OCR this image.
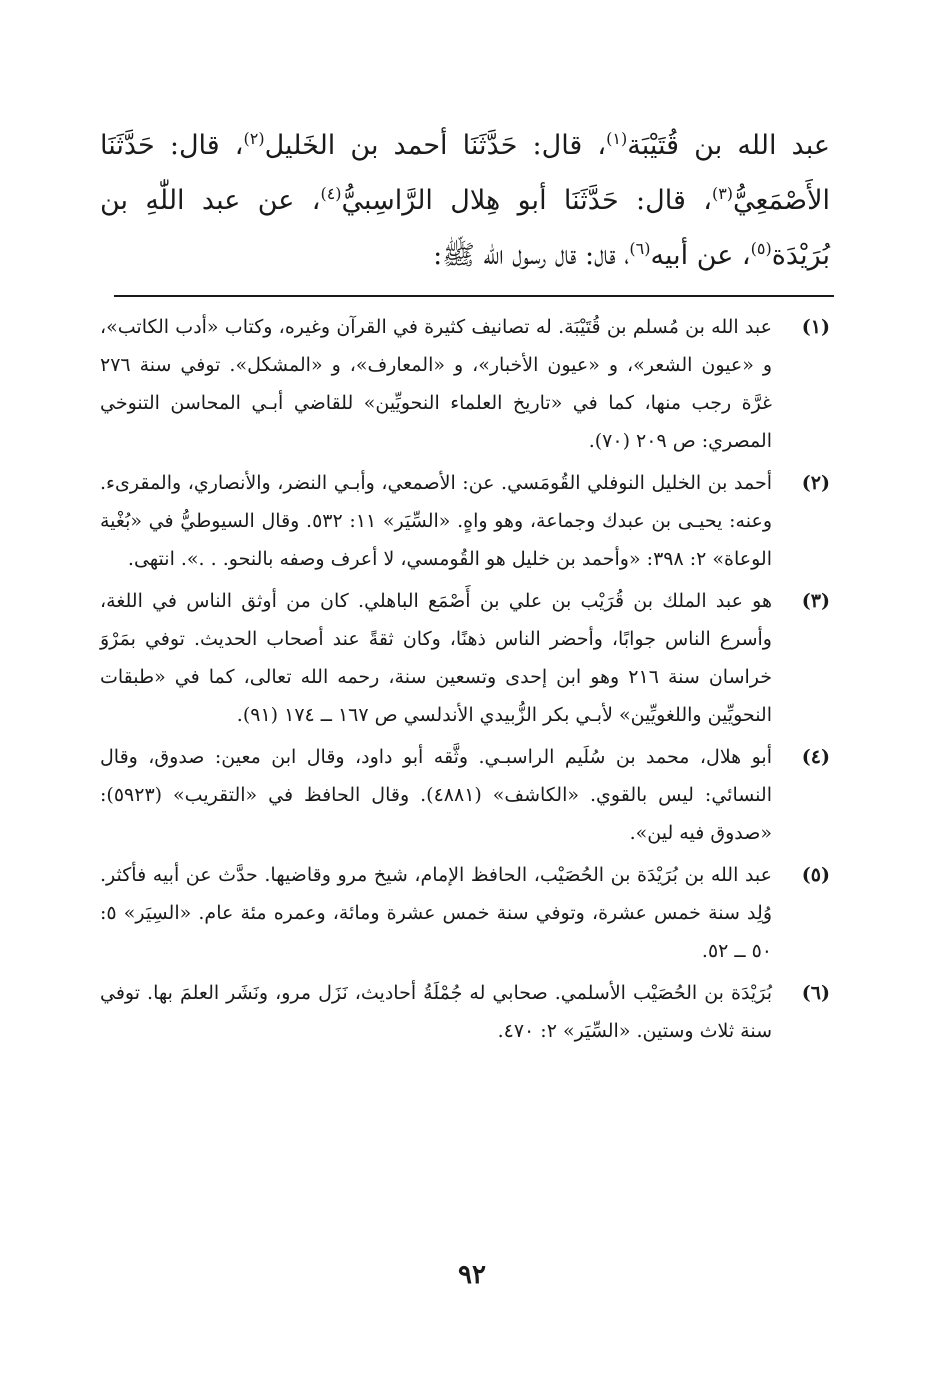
عبد الله بن قُتَيْبَة$^{(١)}$، قال: حَدَّثَنَا أحمد بن الخَليل$^{(٢)}$، قال: حَدَّثَنَا الأَصْمَعِيُّ$^{(٣)}$، قال: حَدَّثَنَا أبو هِلال الرَّاسِبيُّ$^{(٤)}$، عن عبد اللّٰهِ بن بُرَيْدَة$^{(٥)}$، عن أبيه$^{(٦)}$، قال: قال رسول الله ﷺ:
(١)
عبد الله بن مُسلم بن قُتَيْبَة. له تصانيف كثيرة في القرآن وغيره، وكتاب «أدب الكاتب»، و «عيون الشعر»، و «عيون الأخبار»، و «المعارف»، و «المشكل». توفي سنة ٢٧٦ غرَّة رجب منها، كما في «تاريخ العلماء النحويِّين» للقاضي أبـي المحاسن التنوخي المصري: ص ٢٠٩ (٧٠).
(٢)
أحمد بن الخليل النوفلي القُومَسي. عن: الأصمعي، وأبـي النضر، والأنصاري، والمقرىء. وعنه: يحيـى بن عبدك وجماعة، وهو واهٍ. «السِّيَر» ١١: ٥٣٢. وقال السيوطيُّ في «بُغْية الوعاة» ٢: ٣٩٨: «وأحمد بن خليل هو القُومسي، لا أعرف وصفه بالنحو. . .». انتهى.
(٣)
هو عبد الملك بن قُرَيْب بن علي بن أَصْمَع الباهلي. كان من أوثق الناس في اللغة، وأسرع الناس جوابًا، وأحضر الناس ذهنًا، وكان ثقةً عند أصحاب الحديث. توفي بمَرْوَ خراسان سنة ٢١٦ وهو ابن إحدى وتسعين سنة، رحمه الله تعالى، كما في «طبقات النحويِّين واللغويِّين» لأبـي بكر الزُّبيدي الأندلسي ص ١٦٧ ــ ١٧٤ (٩١).
(٤)
أبو هلال، محمد بن سُلَيم الراسبـي. وثَّقه أبو داود، وقال ابن معين: صدوق، وقال النسائي: ليس بالقوي. «الكاشف» (٤٨٨١). وقال الحافظ في «التقريب» (٥٩٢٣): «صدوق فيه لين».
(٥)
عبد الله بن بُرَيْدَة بن الحُصَيْب، الحافظ الإمام، شيخ مرو وقاضيها. حدَّث عن أبيه فأكثر. وُلِد سنة خمس عشرة، وتوفي سنة خمس عشرة ومائة، وعمره مئة عام. «السِيَر» ٥: ٥٠ ــ ٥٢.
(٦)
بُرَيْدَة بن الحُصَيْب الأسلمي. صحابي له جُمْلَةُ أحاديث، نَزَل مرو، ونَشَر العلمَ بها. توفي سنة ثلاث وستين. «السِّيَر» ٢: ٤٧٠.
٩٢
